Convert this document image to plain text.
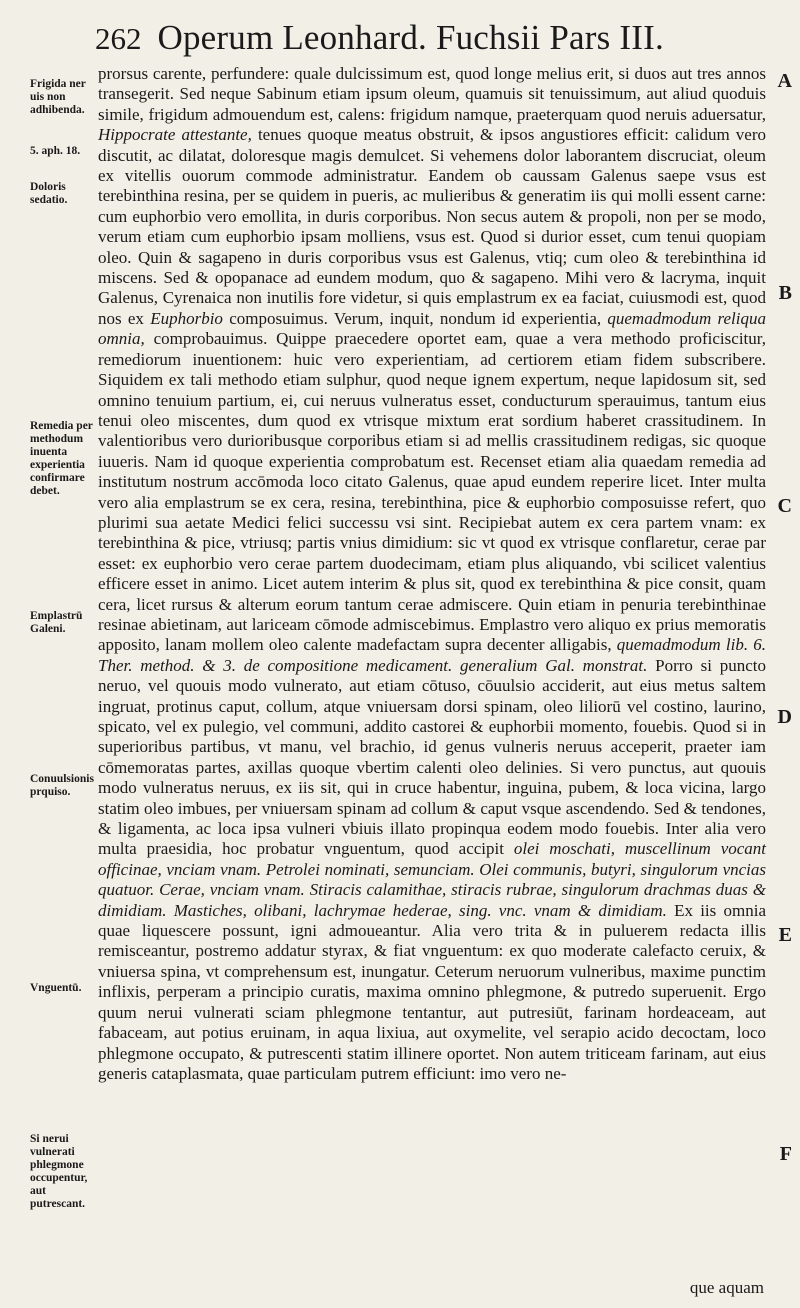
262 Operum Leonhard. Fuchsii Pars III.
A
B
C
D
E
F
Frigida ner uis non adhibenda.
5. aph. 18.
Doloris sedatio.
Remedia per methodum inuenta experientia confirmare debet.
Emplastrū Galeni.
Conuulsionis prquiso.
Vnguentū.
Si nerui vulnerati phlegmone occupentur, aut putrescant.

prorsus carente, perfundere: quale dulcissimum est, quod longe melius erit, si duos aut tres annos transegerit. Sed neque Sabinum etiam ipsum oleum, quamuis sit tenuissimum, aut aliud quoduis simile, frigidum admouendum est, calens: frigidum namque, praeterquam quod neruis aduersatur, Hippocrate attestante, tenues quoque meatus obstruit, & ipsos angustiores efficit: calidum vero discutit, ac dilatat, doloresque magis demulcet. Si vehemens dolor laborantem discruciat, oleum ex vitellis ouorum commode administratur. Eandem ob caussam Galenus saepe vsus est terebinthina resina, per se quidem in pueris, ac mulieribus & generatim iis qui molli essent carne: cum euphorbio vero emollita, in duris corporibus. Non secus autem & propoli, non per se modo, verum etiam cum euphorbio ipsam molliens, vsus est. Quod si durior esset, cum tenui quopiam oleo. Quin & sagapeno in duris corporibus vsus est Galenus, vtiq; cum oleo & terebinthina id miscens. Sed & opopanace ad eundem modum, quo & sagapeno. Mihi vero & lacryma, inquit Galenus, Cyrenaica non inutilis fore videtur, si quis emplastrum ex ea faciat, cuiusmodi est, quod nos ex Euphorbio composuimus. Verum, inquit, nondum id experientia, quemadmodum reliqua omnia, comprobauimus. Quippe praecedere oportet eam, quae a vera methodo proficiscitur, remediorum inuentionem: huic vero experientiam, ad certiorem etiam fidem subscribere. Siquidem ex tali methodo etiam sulphur, quod neque ignem expertum, neque lapidosum sit, sed omnino tenuium partium, ei, cui neruus vulneratus esset, conducturum sperauimus, tantum eius tenui oleo miscentes, dum quod ex vtrisque mixtum erat sordium haberet crassitudinem. In valentioribus vero durioribusque corporibus etiam si ad mellis crassitudinem redigas, sic quoque iuueris. Nam id quoque experientia comprobatum est. Recenset etiam alia quaedam remedia ad institutum nostrum accōmoda loco citato Galenus, quae apud eundem reperire licet. Inter multa vero alia emplastrum se ex cera, resina, terebinthina, pice & euphorbio composuisse refert, quo plurimi sua aetate Medici felici successu vsi sint. Recipiebat autem ex cera partem vnam: ex terebinthina & pice, vtriusq; partis vnius dimidium: sic vt quod ex vtrisque conflaretur, cerae par esset: ex euphorbio vero cerae partem duodecimam, etiam plus aliquando, vbi scilicet valentius efficere esset in animo. Licet autem interim & plus sit, quod ex terebinthina & pice consit, quam cera, licet rursus & alterum eorum tantum cerae admiscere. Quin etiam in penuria terebinthinae resinae abietinam, aut lariceam cōmode admiscebimus. Emplastro vero aliquo ex prius memoratis apposito, lanam mollem oleo calente madefactam supra decenter alligabis, quemadmodum lib. 6. Ther. method. & 3. de compositione medicament. generalium Gal. monstrat. Porro si puncto neruo, vel quouis modo vulnerato, aut etiam cōtuso, cōuulsio acciderit, aut eius metus saltem ingruat, protinus caput, collum, atque vniuersam dorsi spinam, oleo liliorū vel costino, laurino, spicato, vel ex pulegio, vel communi, addito castorei & euphorbii momento, fouebis. Quod si in superioribus partibus, vt manu, vel brachio, id genus vulneris neruus acceperit, praeter iam cōmemoratas partes, axillas quoque vbertim calenti oleo delinies. Si vero punctus, aut quouis modo vulneratus neruus, ex iis sit, qui in cruce habentur, inguina, pubem, & loca vicina, largo statim oleo imbues, per vniuersam spinam ad collum & caput vsque ascendendo. Sed & tendones, & ligamenta, ac loca ipsa vulneri vbiuis illato propinqua eodem modo fouebis. Inter alia vero multa praesidia, hoc probatur vnguentum, quod accipit olei moschati, muscellinum vocant officinae, vnciam vnam. Petrolei nominati, semunciam. Olei communis, butyri, singulorum vncias quatuor. Cerae, vnciam vnam. Stiracis calamithae, stiracis rubrae, singulorum drachmas duas & dimidiam. Mastiches, olibani, lachrymae hederae, sing. vnc. vnam & dimidiam. Ex iis omnia quae liquescere possunt, igni admoueantur. Alia vero trita & in puluerem redacta illis remisceantur, postremo addatur styrax, & fiat vnguentum: ex quo moderate calefacto ceruix, & vniuersa spina, vt comprehensum est, inungatur. Ceterum neruorum vulneribus, maxime punctim inflixis, perperam a principio curatis, maxima omnino phlegmone, & putredo superuenit. Ergo quum nerui vulnerati sciam phlegmone tentantur, aut putresiūt, farinam hordeaceam, aut fabaceam, aut potius eruinam, in aqua lixiua, aut oxymelite, vel serapio acido decoctam, loco phlegmone occupato, & putrescenti statim illinere oportet. Non autem triticeam farinam, aut eius generis cataplasmata, quae particulam putrem efficiunt: imo vero ne-

que aquam
